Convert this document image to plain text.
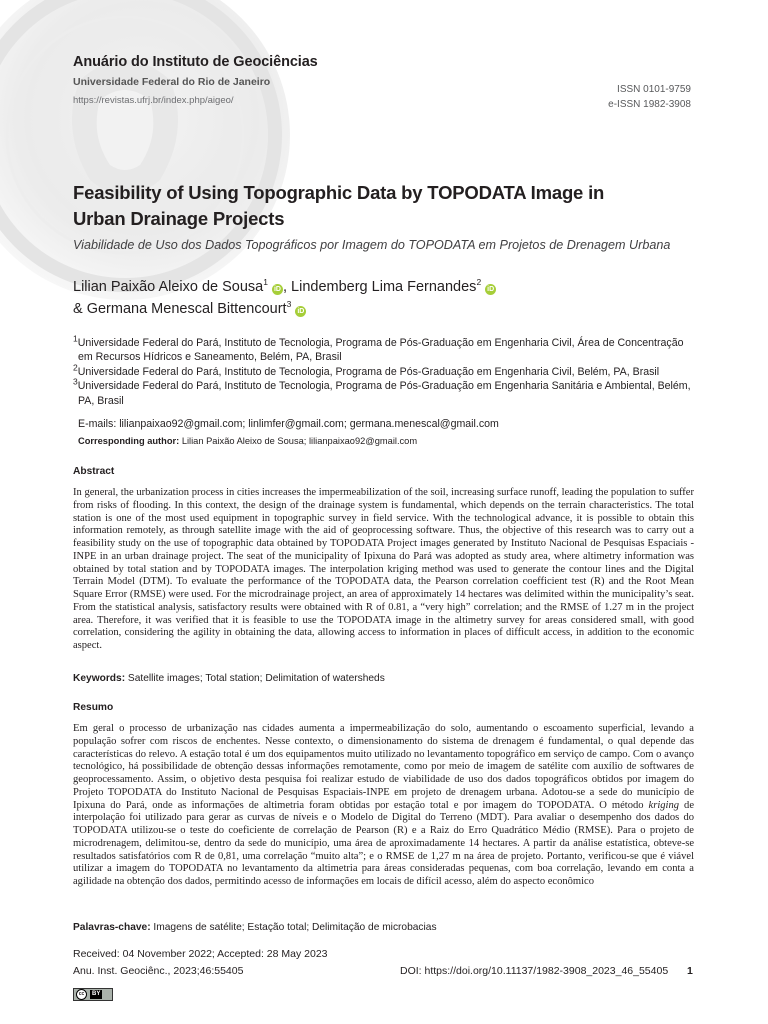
Anuário do Instituto de Geociências
Universidade Federal do Rio de Janeiro
https://revistas.ufrj.br/index.php/aigeo/
ISSN 0101-9759
e-ISSN 1982-3908
Feasibility of Using Topographic Data by TOPODATA Image in Urban Drainage Projects
Viabilidade de Uso dos Dados Topográficos por Imagem do TOPODATA em Projetos de Drenagem Urbana
Lilian Paixão Aleixo de Sousa$^1$iD , Lindemberg Lima Fernandes$^2$iD
& Germana Menescal Bittencourt$^3$iD
$^1$Universidade Federal do Pará, Instituto de Tecnologia, Programa de Pós-Graduação em Engenharia Civil, Área de Concentração em Recursos Hídricos e Saneamento, Belém, PA, Brasil
$^2$Universidade Federal do Pará, Instituto de Tecnologia, Programa de Pós-Graduação em Engenharia Civil, Belém, PA, Brasil
$^3$Universidade Federal do Pará, Instituto de Tecnologia, Programa de Pós-Graduação em Engenharia Sanitária e Ambiental, Belém, PA, Brasil
E-mails: lilianpaixao92@gmail.com; linlimfer@gmail.com; germana.menescal@gmail.com
Corresponding author: Lilian Paixão Aleixo de Sousa; lilianpaixao92@gmail.com
Abstract
In general, the urbanization process in cities increases the impermeabilization of the soil, increasing surface runoff, leading the population to suffer from risks of flooding. In this context, the design of the drainage system is fundamental, which depends on the terrain characteristics. The total station is one of the most used equipment in topographic survey in field service. With the technological advance, it is possible to obtain this information remotely, as through satellite image with the aid of geoprocessing software. Thus, the objective of this research was to carry out a feasibility study on the use of topographic data obtained by TOPODATA Project images generated by Instituto Nacional de Pesquisas Espaciais - INPE in an urban drainage project. The seat of the municipality of Ipixuna do Pará was adopted as study area, where altimetry information was obtained by total station and by TOPODATA images. The interpolation kriging method was used to generate the contour lines and the Digital Terrain Model (DTM). To evaluate the performance of the TOPODATA data, the Pearson correlation coefficient test (R) and the Root Mean Square Error (RMSE) were used. For the microdrainage project, an area of approximately 14 hectares was delimited within the municipality’s seat. From the statistical analysis, satisfactory results were obtained with R of 0.81, a “very high” correlation; and the RMSE of 1.27 m in the project area. Therefore, it was verified that it is feasible to use the TOPODATA image in the altimetry survey for areas considered small, with good correlation, considering the agility in obtaining the data, allowing access to information in places of difficult access, in addition to the economic aspect.
Keywords: Satellite images; Total station; Delimitation of watersheds
Resumo
Em geral o processo de urbanização nas cidades aumenta a impermeabilização do solo, aumentando o escoamento superficial, levando a população sofrer com riscos de enchentes. Nesse contexto, o dimensionamento do sistema de drenagem é fundamental, o qual depende das características do relevo. A estação total é um dos equipamentos muito utilizado no levantamento topográfico em serviço de campo. Com o avanço tecnológico, há possibilidade de obtenção dessas informações remotamente, como por meio de imagem de satélite com auxílio de softwares de geoprocessamento. Assim, o objetivo desta pesquisa foi realizar estudo de viabilidade de uso dos dados topográficos obtidos por imagem do Projeto TOPODATA do Instituto Nacional de Pesquisas Espaciais-INPE em projeto de drenagem urbana. Adotou-se a sede do município de Ipixuna do Pará, onde as informações de altimetria foram obtidas por estação total e por imagem do TOPODATA. O método kriging de interpolação foi utilizado para gerar as curvas de níveis e o Modelo de Digital do Terreno (MDT). Para avaliar o desempenho dos dados do TOPODATA utilizou-se o teste do coeficiente de correlação de Pearson (R) e a Raiz do Erro Quadrático Médio (RMSE). Para o projeto de microdrenagem, delimitou-se, dentro da sede do município, uma área de aproximadamente 14 hectares. A partir da análise estatística, obteve-se resultados satisfatórios com R de 0,81, uma correlação “muito alta”; e o RMSE de 1,27 m na área de projeto. Portanto, verificou-se que é viável utilizar a imagem do TOPODATA no levantamento da altimetria para áreas consideradas pequenas, com boa correlação, levando em conta a agilidade na obtenção dos dados, permitindo acesso de informações em locais de difícil acesso, além do aspecto econômico
Palavras-chave: Imagens de satélite; Estação total; Delimitação de microbacias
Received: 04 November 2022; Accepted: 28 May 2023
Anu. Inst. Geociênc., 2023;46:55405	DOI: https://doi.org/10.11137/1982-3908_2023_46_55405 1
cc	BY
